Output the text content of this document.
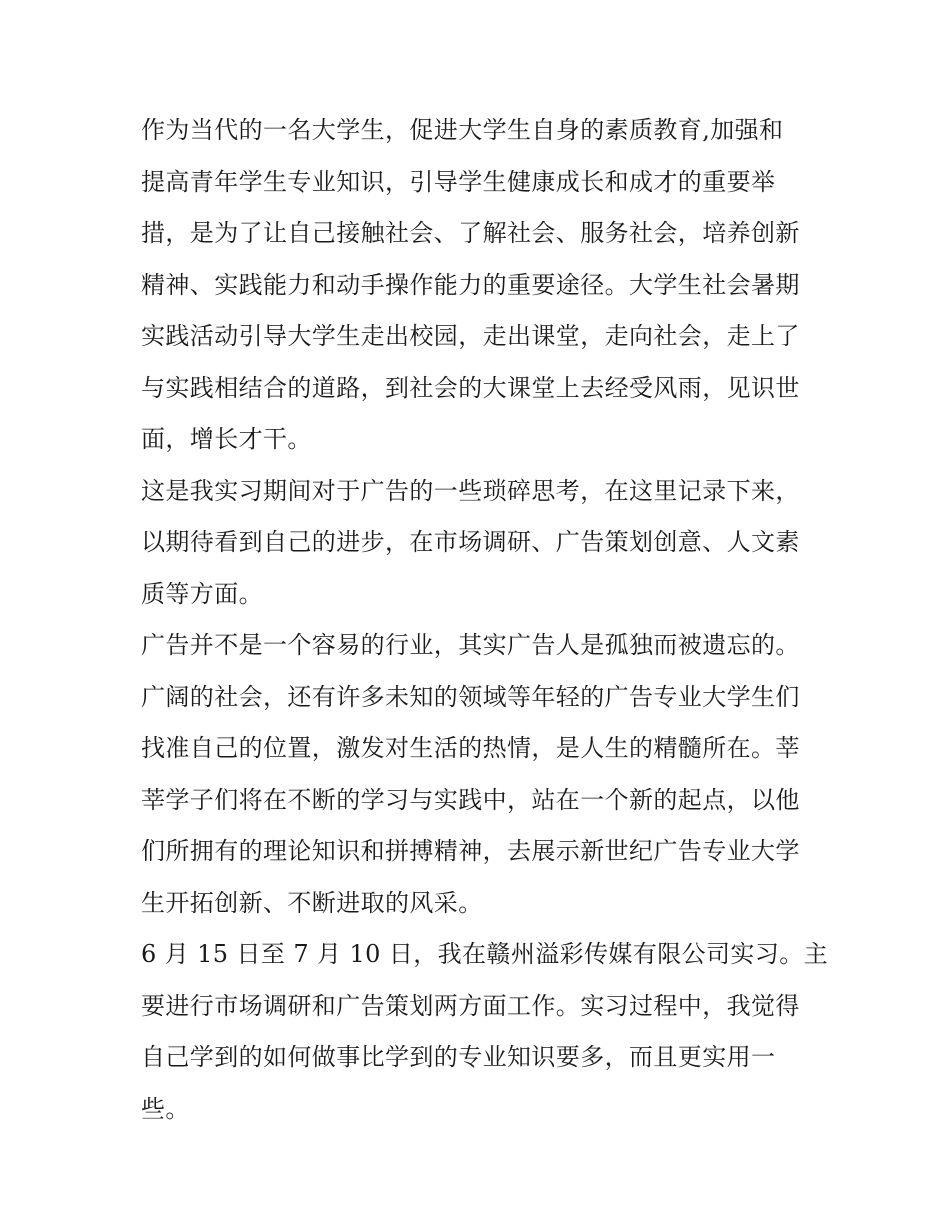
作为当代的一名大学生，促进大学生自身的素质教育,加强和
提高青年学生专业知识，引导学生健康成长和成才的重要举
措，是为了让自己接触社会、了解社会、服务社会，培养创新
精神、实践能力和动手操作能力的重要途径。大学生社会暑期
实践活动引导大学生走出校园，走出课堂，走向社会，走上了
与实践相结合的道路，到社会的大课堂上去经受风雨，见识世
面，增长才干。
这是我实习期间对于广告的一些琐碎思考，在这里记录下来，
以期待看到自己的进步，在市场调研、广告策划创意、人文素
质等方面。
广告并不是一个容易的行业，其实广告人是孤独而被遗忘的。
广阔的社会，还有许多未知的领域等年轻的广告专业大学生们
找准自己的位置，激发对生活的热情，是人生的精髓所在。莘
莘学子们将在不断的学习与实践中，站在一个新的起点，以他
们所拥有的理论知识和拼搏精神，去展示新世纪广告专业大学
生开拓创新、不断进取的风采。
6 月 15 日至 7 月 10 日，我在赣州溢彩传媒有限公司实习。主
要进行市场调研和广告策划两方面工作。实习过程中，我觉得
自己学到的如何做事比学到的专业知识要多，而且更实用一
些。
